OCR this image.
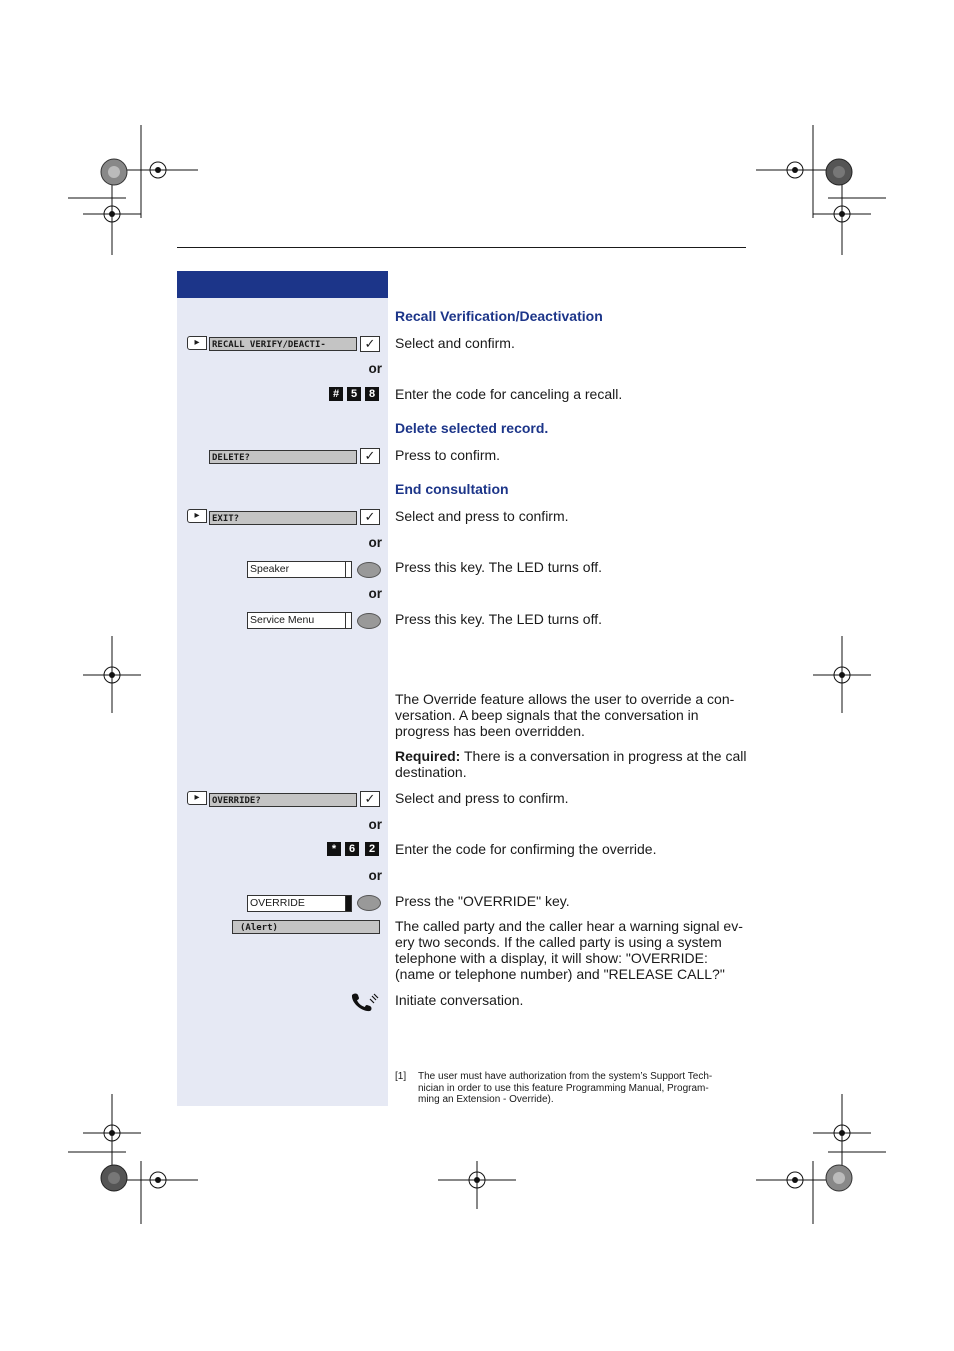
Recall Verification/Deactivation
▸	RECALL VERIFY/DEACTI-	✓	Select and confirm.
or
#	5	8 Enter the code for canceling a recall.
Delete selected record.
DELETE?	✓	Press to confirm.
End consultation
▸	EXIT?	✓	Select and press to confirm.
or
Speaker	Press this key. The LED turns off.
or
Service Menu	Press this key. The LED turns off.
The Override feature allows the user to override a con-
versation. A beep signals that the conversation in
progress has been overridden.
Required: There is a conversation in progress at the call destination.
▸	OVERRIDE?	✓	Select and press to confirm.
or
*	6	2 Enter the code for confirming the override.
or
OVERRIDE	Press the "OVERRIDE" key.
(Alert)	The called party and the caller hear a warning signal ev-
ery two seconds. If the called party is using a system
telephone with a display, it will show: "OVERRIDE:
(name or telephone number) and "RELEASE CALL?"
Initiate conversation.
[1] The user must have authorization from the system’s Support Tech-
nician in order to use this feature Programming Manual, Program-
ming an Extension - Override).
